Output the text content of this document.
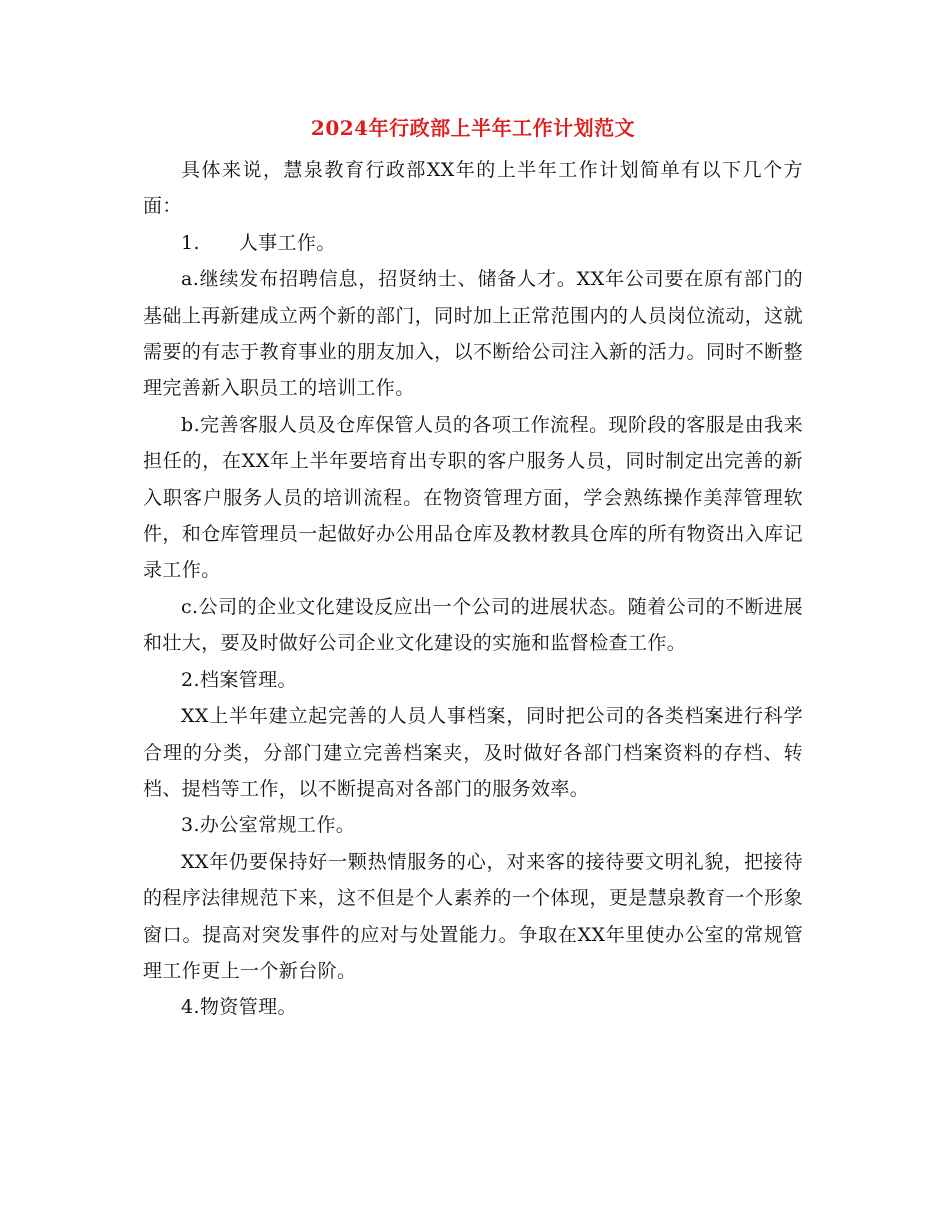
2024年行政部上半年工作计划范文

具体来说，慧泉教育行政部XX年的上半年工作计划简单有以下几个方面：

1.　　人事工作。

a.继续发布招聘信息，招贤纳士、储备人才。XX年公司要在原有部门的基础上再新建成立两个新的部门，同时加上正常范围内的人员岗位流动，这就需要的有志于教育事业的朋友加入，以不断给公司注入新的活力。同时不断整理完善新入职员工的培训工作。

b.完善客服人员及仓库保管人员的各项工作流程。现阶段的客服是由我来担任的，在XX年上半年要培育出专职的客户服务人员，同时制定出完善的新入职客户服务人员的培训流程。在物资管理方面，学会熟练操作美萍管理软件，和仓库管理员一起做好办公用品仓库及教材教具仓库的所有物资出入库记录工作。

c.公司的企业文化建设反应出一个公司的进展状态。随着公司的不断进展和壮大，要及时做好公司企业文化建设的实施和监督检查工作。

2.档案管理。

XX上半年建立起完善的人员人事档案，同时把公司的各类档案进行科学合理的分类，分部门建立完善档案夹，及时做好各部门档案资料的存档、转档、提档等工作，以不断提高对各部门的服务效率。

3.办公室常规工作。

XX年仍要保持好一颗热情服务的心，对来客的接待要文明礼貌，把接待的程序法律规范下来，这不但是个人素养的一个体现，更是慧泉教育一个形象窗口。提高对突发事件的应对与处置能力。争取在XX年里使办公室的常规管理工作更上一个新台阶。

4.物资管理。
